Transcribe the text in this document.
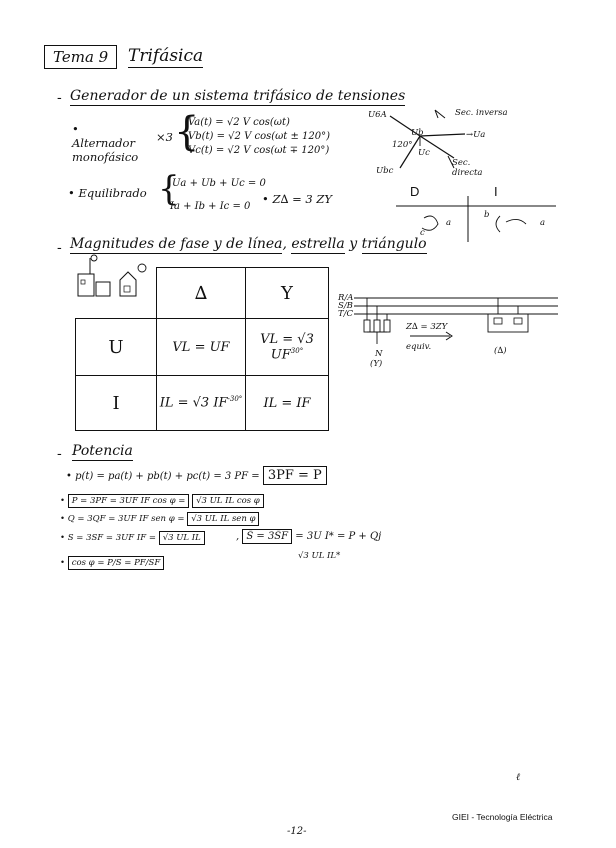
Tema 9	Trifásica
- Generador de un sistema trifásico de tensiones
• Alternador monofásico
×3 {
Va(t) = √2 V cos(ωt)
Vb(t) = √2 V cos(ωt ± 120°)
Vc(t) = √2 V cos(ωt ∓ 120°)
U6A
Ub
120°
Uc
→Ua
Ubc
Sec. inversa
Sec. directa
• Equilibrado {
Ua + Ub + Uc = 0
Ia + Ib + Ic = 0
• Z∆ = 3 ZY	D	I
a
c
b
a
- Magnitudes de fase y de línea, estrella y triángulo
	∆	Y
U	VL = UF	VL = √3 $UF^{30^\circ}$
I	IL = √3 $IF^{-30^\circ}$	IL = IF
R/A
S/B
T/C
Z∆ = 3ZY
equiv.
N
(Y)
(∆)
- Potencia
• p(t) = pa(t) + pb(t) + pc(t) = 3 PF = 3PF = P
• P = 3PF = 3UF IF cos φ = √3 UL IL cos φ
• Q = 3QF = 3UF IF sen φ = √3 UL IL sen φ
• S = 3SF = 3UF IF = √3 UL IL	, S̄ = 3S̄F = 3U I* = P + Qj
√3 UL IL*
• cos φ = P/S = PF/SF
ℓ
GIEI - Tecnología Eléctrica
-12-
